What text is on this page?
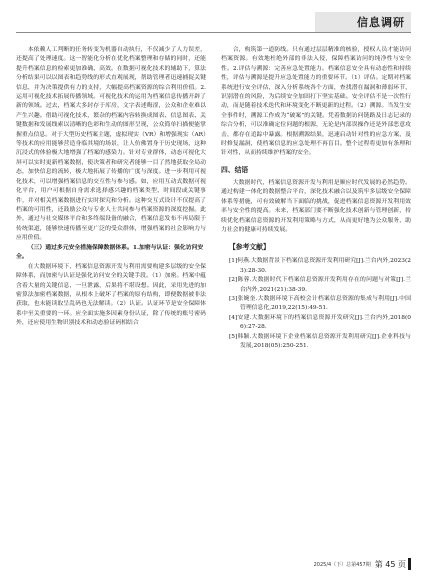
信息调研
本依赖人工判断的任务转变为机器自动执行，不仅减少了人力误差，还提高了处理速度。这一智能化分析在优化档案整理和存储的同时，还能提升档案信息的检索更加准确、高效。在数据可视化技术的辅助下，算法分析结果可以以图表和趋势线的形式直观展现，帮助管理者迅速捕捉关键信息，并为决策提供有力的支持，大幅提高档案资源的综合利用价值。2.运用可视化技术拓展传播领域。可视化技术的运用为档案信息传播开辟了新的领域。过去，档案大多封存于库房，文字表述晦涩，公众和企业难以产生兴趣。借助可视化技术，繁杂的档案内容转换成图表、信息图表、关键数据和发展线索以清晰的色彩和生动的图形呈现，公众简单扫描便能掌握重点信息。对于大型历史档案主题，虚拟现实（VR）和增强现实（AR）等技术的应用能够营造身临其境的场景，让人仿佛置身于历史现场，这种沉浸式的体验极大地增强了档案的感染力。针对专业群体，动态可视化大屏可以实时更新档案数据，使决策者和研究者能够一目了然地获取全局动态，加快信息的流转，极大地拓展了传播的广度与深度。进一步利用可视化技术，可以增强档案信息的交互性与参与感。如，应用互动式数据可视化平台，用户可根据自身需求选择感兴趣的档案类型、时间段或关键事件，并对相关档案数据进行实时探究和分析。这种交互式设计不仅提高了档案的可用性，还鼓励公众与专业人士共同参与档案资源的深度挖掘。此外，通过与社交媒体平台和多终端设备的融合，档案信息发布不再局限于传统渠道，能够快速传播至更广泛的受众群体，增强档案的社会影响力与应用价值。
（三）通过多元安全措施保障数据体系。1.加密与认证：强化访问安全。
在大数据环境下，档案信息资源开发与利用需要构建多层级的安全保障体系，而加密与认证是强化访问安全的关键手段。（1）加密。档案中蕴含着大量的关键信息，一旦泄露，后果将不堪设想。因此，采用先进的加密算法加密档案数据，从根本上破坏了档案的原有结构，即便数据被非法获取，也未能读取呈乱码也无法解读。（2）认证。认证环节是安全保障体系中至关重要的一环。应全面实施多因素身份认证，除了传统的账号密码外，还应使用生物识别技术和动态验证码相结合
合，构筑第一道防线。只有通过层层精准的核验，授权人员才能访问档案资源。有效地杜绝外部的非法入侵，保障档案访问的纯净性与安全性。2.评估与溯源：完善应急处置能力。档案信息安全具有动态性和持续性，评估与溯源是提升应急处置能力的重要环节。（1）评估。定期对档案系统进行安全评估，深入分析系统各个方面，查找潜在漏洞和薄弱环节，识别潜在的风险，为后续安全加固打下坚实基础。安全评估不是一次性行动，而是随着技术迭代和环境变化不断更新的过程。（2）溯源。当发生安全事件时，溯源工作成为“破案”的关键。凭着数据访问链路及日志记录的综合分析，可以准确定位问题的根源，无论是内部误操作还是外部恶意攻击，都存在追踪中暴露。根据溯源结果，迅速启动针对性的应急方案，及时修复漏洞，使档案信息的应急处理不再盲目。整个过程将更加有条理和针对性，从而持续维护档案的安全。
四、结语
大数据时代，档案信息资源开发与利用是顺应时代发展的必然趋势。通过构建一体化的数据整合平台，深化技术融合以及筑牢多层级安全保障体系等措施，可有效破解当下面临的挑战，促进档案信息资源开发利用效率与安全性的提高。未来，档案部门要不断强化技术创新与管理创新，持续优化档案信息资源的开发利用策略与方式，从而更好地为公众服务，助力社会的健康可持续发展。
【参考文献】
[1]何燕.大数据背景下档案信息资源开发利用研究[J].兰台内外,2023(23):28-30.
[2]陈蓉.大数据时代下档案信息资源开发利用存在的问题与对策[J].兰台内外,2021(21):38-39.
[3]张婉奎.大数据环境下高校会计档案信息资源的集成与利用[J].中国管理信息化,2019,22(15):49-51.
[4]安建.大数据环境下的档案信息资源开发研究[J].兰台内外,2018(06):27-28.
[5]韩颖.大数据环境下企业档案信息资源开发利用研究[J].企业科技与发展,2018(05):250-251.
2025/4（下）总第457期 第 45 页
